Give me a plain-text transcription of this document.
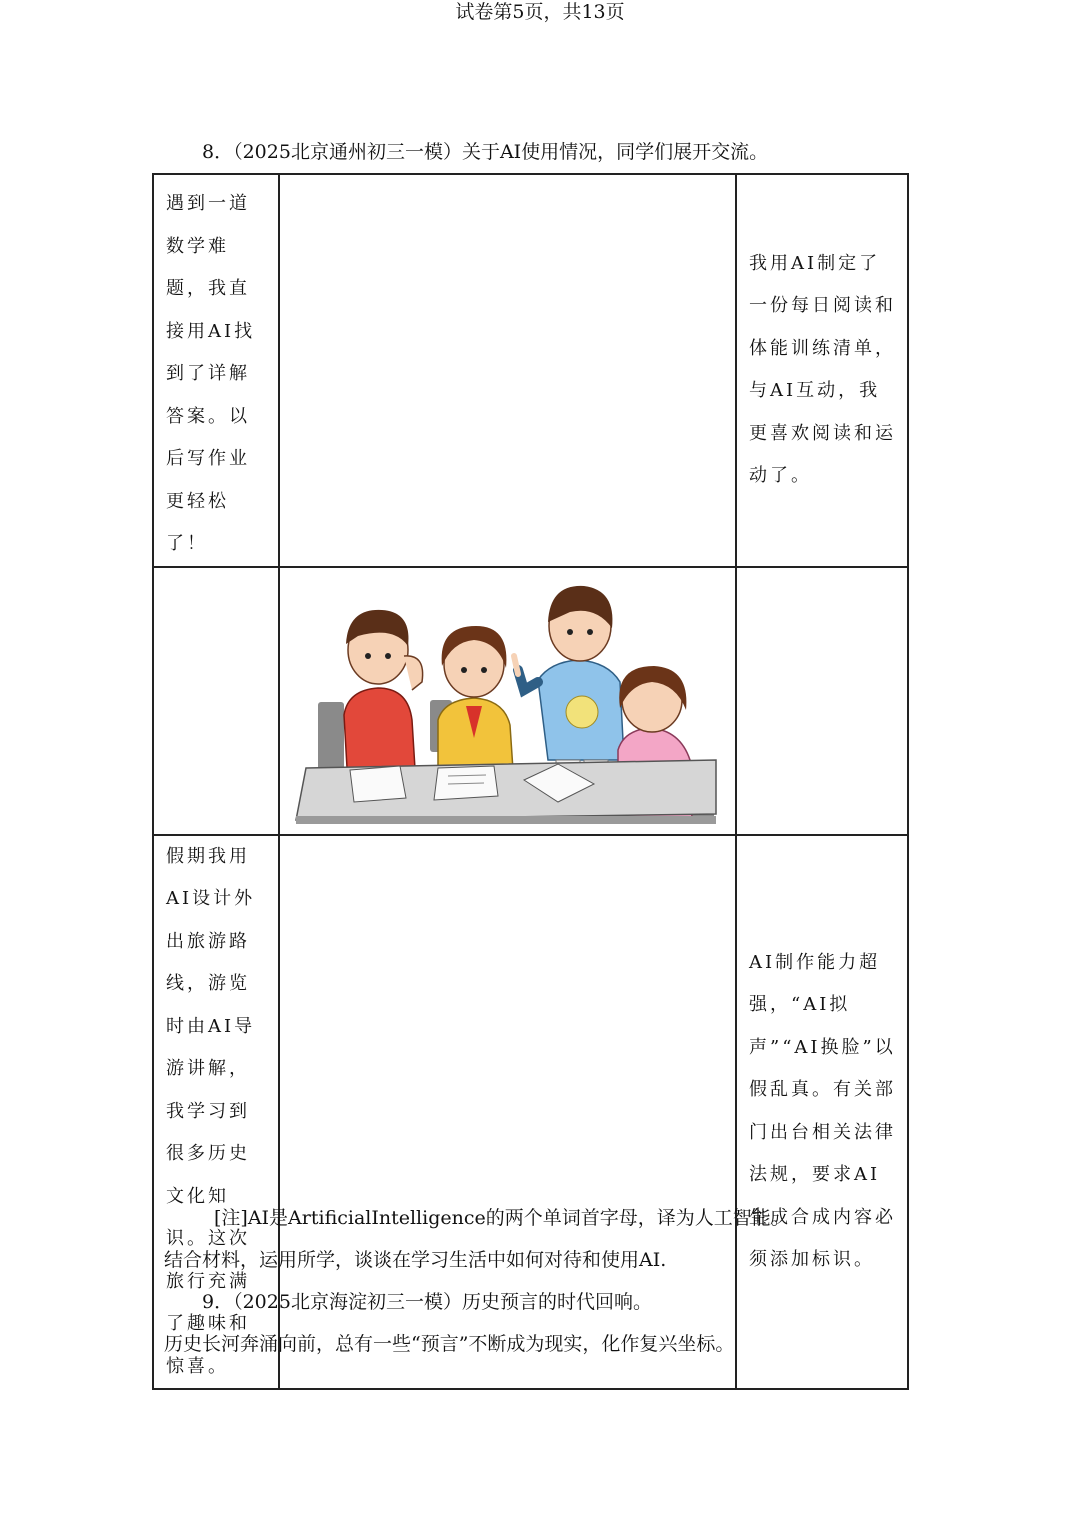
8．（2025北京通州初三一模）关于AI使用情况，同学们展开交流。
遇到一道数学难题，我直接用AI找到了详解答案。以后写作业更轻松了！		我用AI制定了一份每日阅读和体能训练清单，与AI互动，我更喜欢阅读和运动了。

假期我用AI设计外出旅游路线，游览时由AI导游讲解，我学习到很多历史文化知识。这次旅行充满了趣味和惊喜。		AI制作能力超强，“AI拟声”“AI换脸”以假乱真。有关部门出台相关法律法规，要求AI生成合成内容必须添加标识。
[注]AI是ArtificialIntelligence的两个单词首字母，译为人工智能。
结合材料，运用所学，谈谈在学习生活中如何对待和使用AI.
9．（2025北京海淀初三一模）历史预言的时代回响。
历史长河奔涌向前，总有一些“预言”不断成为现实，化作复兴坐标。
试卷第5页，共13页
